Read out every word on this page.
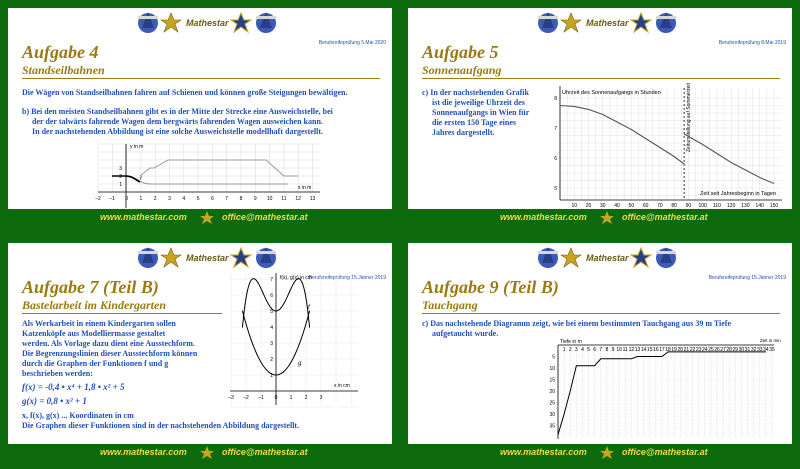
Mathestar
Berufsreifeprüfung 5.Mai 2020
Aufgabe 4
Standseilbahnen
Die Wägen von Standseilbahnen fahren auf Schienen und können große Steigungen bewältigen.
b) Bei den meisten Standseilbahnen gibt es in der Mitte der Strecke eine Ausweichstelle, bei
der der talwärts fahrende Wagen dem bergwärts fahrenden Wagen ausweichen kann.
In der nachstehenden Abbildung ist eine solche Ausweichstelle modellhaft dargestellt.
f
y in m
x in m
–2 –1 0 1 2 3 4 5 6 7 8 9 10 11 12 13
1
2
3
www.mathestar.com	office@mathestar.at
Mathestar
Berufsreifeprüfung 8.Mai 2019
Aufgabe 5
Sonnenaufgang
c) In der nachstehenden Grafik
ist die jeweilige Uhrzeit des
Sonnenaufgangs in Wien für
die ersten 150 Tage eines
Jahres dargestellt.
Uhrzeit des Sonnenaufgangs in Stunden
Zeit seit Jahresbeginn in Tagen
Zeitumstellung auf Sommerzeit
10 20 30 40 50 60 70 80 90 100 110 120 130 140 150
5
6
7
8
www.mathestar.com	office@mathestar.at
Mathestar
Berufsreifeprüfung 15.Jänner 2019
Aufgabe 7 (Teil B)
Bastelarbeit im Kindergarten
Als Werkarbeit in einem Kindergarten sollen
Katzenköpfe aus Modelliermasse gestaltet
werden. Als Vorlage dazu dient eine Ausstechform.
Die Begrenzungslinien dieser Ausstechform können
durch die Graphen der Funktionen f und g
beschrieben werden:
f(x) = -0,4 • x⁴ + 1,8 • x² + 5
g(x) = 0,8 • x² + 1
x, f(x), g(x) ... Koordinaten in cm
Die Graphen dieser Funktionen sind in der nachstehenden Abbildung dargestellt.
f(x), g(x) in cm
x in cm
f
g
–3 –2 –1 0 1 2 3
1
2
3
4
5
6
7
www.mathestar.com	office@mathestar.at
Mathestar
Berufsreifeprüfung 15.Jänner 2019
Aufgabe 9 (Teil B)
Tauchgang
c) Das nachstehende Diagramm zeigt, wie bei einem bestimmten Tauchgang aus 39 m Tiefe
aufgetaucht wurde.
Tiefe in m	Zeit in min
1 2 3 4 5 6 7 8 9 10 11 12 13 14 15 16 17 18 19 20 21 22 23 24 25 26 27 28 29 30 31 32 33 34 35
5
10
15
20
25
30
35
www.mathestar.com	office@mathestar.at
